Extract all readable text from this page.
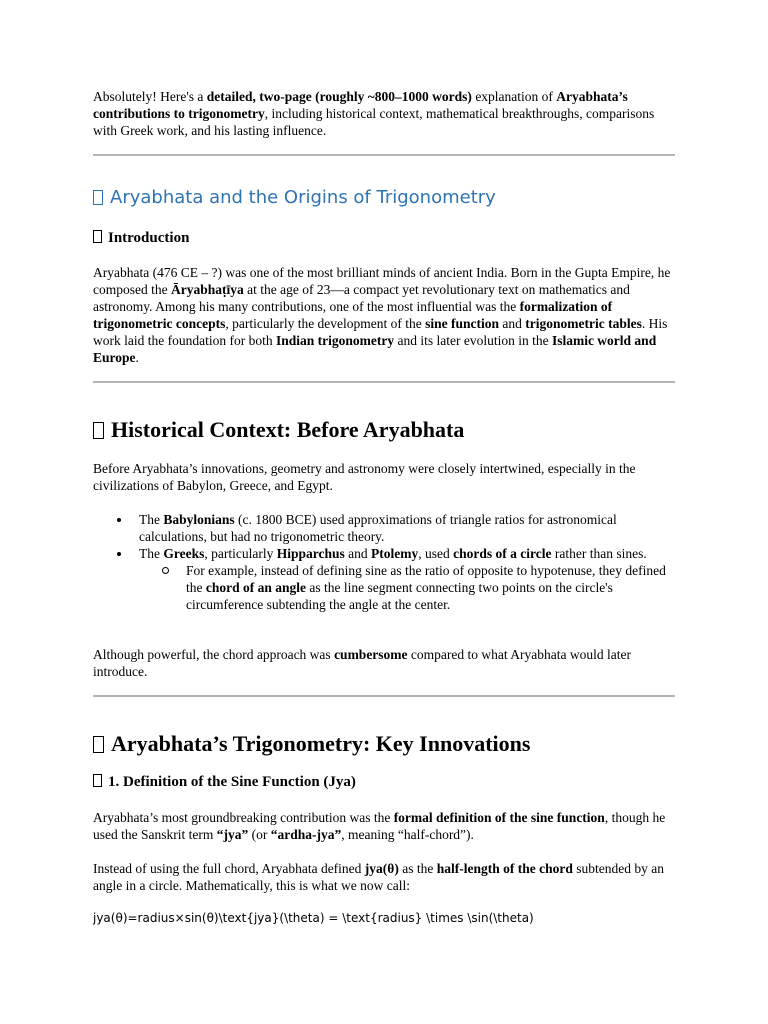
Absolutely! Here's a detailed, two-page (roughly ~800–1000 words) explanation of Aryabhata’s contributions to trigonometry, including historical context, mathematical breakthroughs, comparisons with Greek work, and his lasting influence.

Aryabhata and the Origins of Trigonometry
Introduction

Aryabhata (476 CE – ?) was one of the most brilliant minds of ancient India. Born in the Gupta Empire, he composed the Āryabhaṭīya at the age of 23—a compact yet revolutionary text on mathematics and astronomy. Among his many contributions, one of the most influential was the formalization of trigonometric concepts, particularly the development of the sine function and trigonometric tables. His work laid the foundation for both Indian trigonometry and its later evolution in the Islamic world and Europe.

Historical Context: Before Aryabhata

Before Aryabhata’s innovations, geometry and astronomy were closely intertwined, especially in the civilizations of Babylon, Greece, and Egypt.

The Babylonians (c. 1800 BCE) used approximations of triangle ratios for astronomical calculations, but had no trigonometric theory.
The Greeks, particularly Hipparchus and Ptolemy, used chords of a circle rather than sines.
For example, instead of defining sine as the ratio of opposite to hypotenuse, they defined the chord of an angle as the line segment connecting two points on the circle's circumference subtending the angle at the center.

Although powerful, the chord approach was cumbersome compared to what Aryabhata would later introduce.

Aryabhata’s Trigonometry: Key Innovations
1. Definition of the Sine Function (Jya)

Aryabhata’s most groundbreaking contribution was the formal definition of the sine function, though he used the Sanskrit term “jya” (or “ardha-jya”, meaning “half-chord”).

Instead of using the full chord, Aryabhata defined jya(θ) as the half-length of the chord subtended by an angle in a circle. Mathematically, this is what we now call:

jya(θ)=radius×sin(θ)\text{jya}(\theta) = \text{radius} \times \sin(\theta)
